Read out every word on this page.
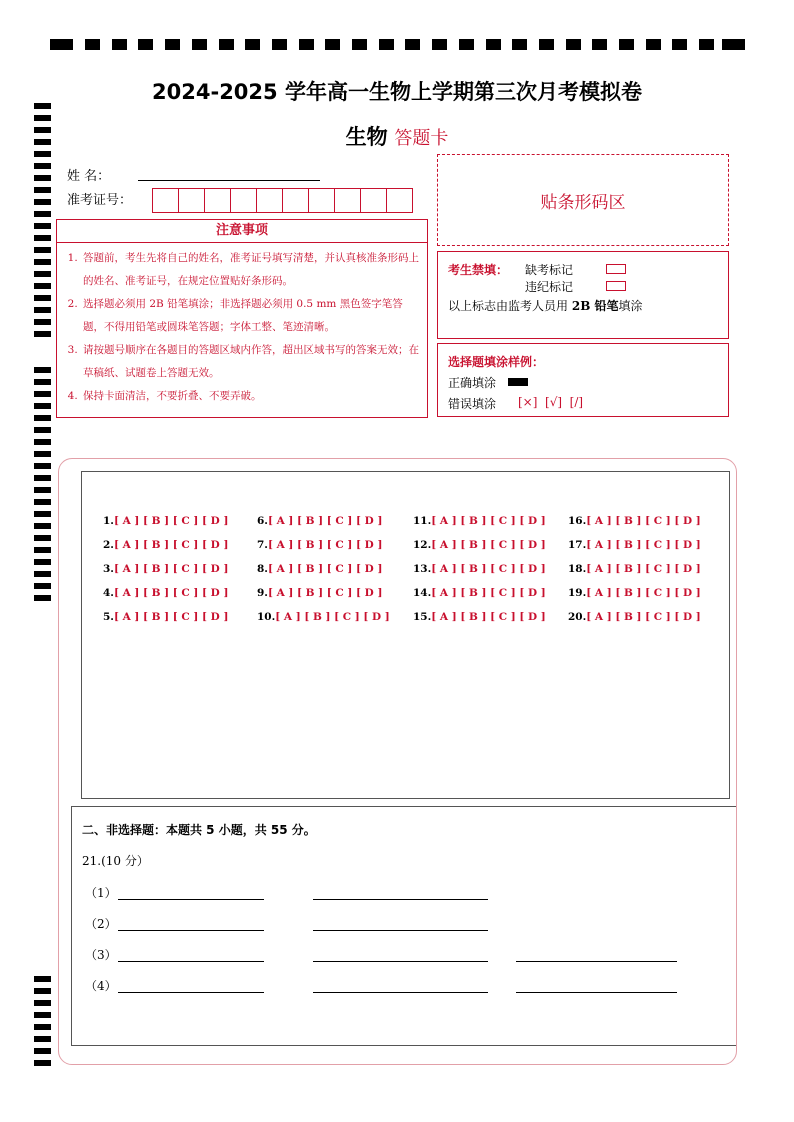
2024-2025 学年高一生物上学期第三次月考模拟卷
生物 答题卡
姓 名：
准考证号：	贴条形码区
注意事项
1. 答题前，考生先将自己的姓名，准考证号填写清楚，并认真核准条形码上的姓名、准考证号，在规定位置贴好条形码。
2. 选择题必须用 2B 铅笔填涂；非选择题必须用 0.5 mm 黑色签字笔答题，不得用铅笔或圆珠笔答题；字体工整、笔迹清晰。
3. 请按题号顺序在各题目的答题区域内作答，超出区域书写的答案无效；在草稿纸、试题卷上答题无效。
4. 保持卡面清洁，不要折叠、不要弄破。
考生禁填： 缺考标记
违纪标记
以上标志由监考人员用 2B 铅笔填涂
选择题填涂样例：
正确填涂
错误填涂 [×]  [√]  [/]
二、非选择题：本题共 5 小题，共 55 分。
21.(10 分）
（1）
（2）
（3）
（4）
1.[ A ] [ B ] [ C ] [ D ]
2.[ A ] [ B ] [ C ] [ D ]
3.[ A ] [ B ] [ C ] [ D ]
4.[ A ] [ B ] [ C ] [ D ]
5.[ A ] [ B ] [ C ] [ D ]
6.[ A ] [ B ] [ C ] [ D ]
7.[ A ] [ B ] [ C ] [ D ]
8.[ A ] [ B ] [ C ] [ D ]
9.[ A ] [ B ] [ C ] [ D ]
10.[ A ] [ B ] [ C ] [ D ]
11.[ A ] [ B ] [ C ] [ D ]
12.[ A ] [ B ] [ C ] [ D ]
13.[ A ] [ B ] [ C ] [ D ]
14.[ A ] [ B ] [ C ] [ D ]
15.[ A ] [ B ] [ C ] [ D ]
16.[ A ] [ B ] [ C ] [ D ]
17.[ A ] [ B ] [ C ] [ D ]
18.[ A ] [ B ] [ C ] [ D ]
19.[ A ] [ B ] [ C ] [ D ]
20.[ A ] [ B ] [ C ] [ D ]
